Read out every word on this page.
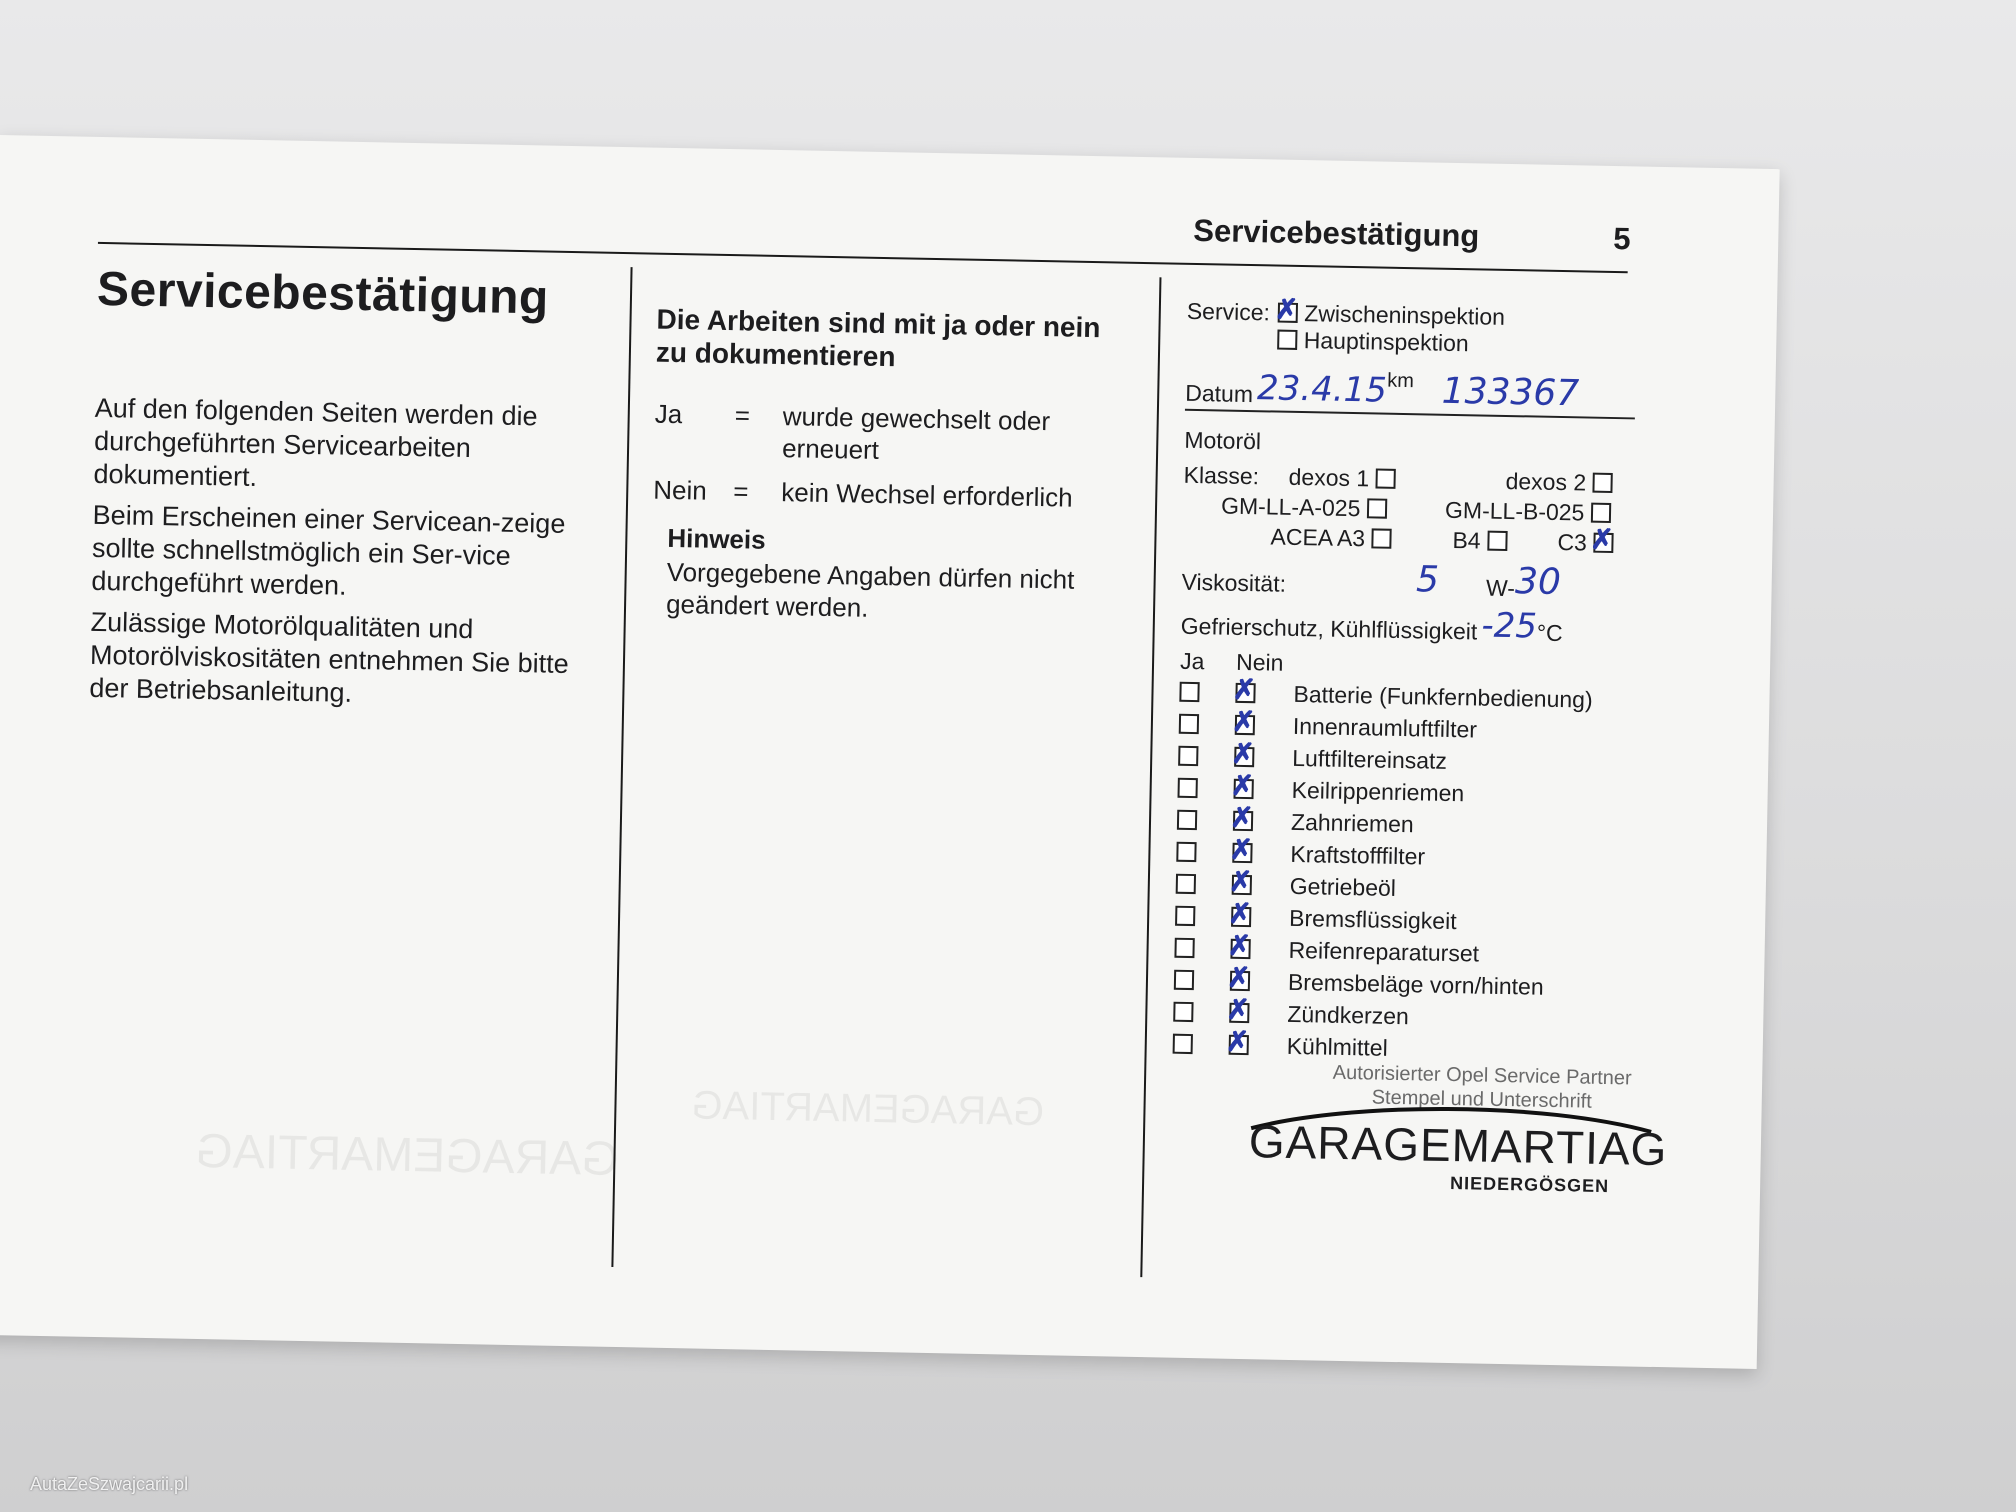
Servicebestätigung	5
Servicebestätigung

Auf den folgenden Seiten werden die durchgeführten Servicearbeiten dokumentiert.

Beim Erscheinen einer Servicean-zeige sollte schnellstmöglich ein Ser-vice durchgeführt werden.

Zulässige Motorölqualitäten und Motorölviskositäten entnehmen Sie bitte der Betriebsanleitung.

Die Arbeiten sind mit ja oder nein zu dokumentieren
Ja	=	wurde gewechselt oder erneuert
Nein =	kein Wechsel erforderlich
Hinweis
Vorgegebene Angaben dürfen nicht geändert werden.
Service:
✗	Zwischeninspektion
Hauptinspektion
Datum 23.4.15 km 133367
Motoröl
Klasse: dexos 1	dexos 2
GM-LL-A-025	GM-LL-B-025
ACEA A3	B4	C3 ✗
Viskosität:	5	W- 30
Gefrierschutz, Kühlflüssigkeit -25 °C
Ja	Nein
✗
Batterie (Funkfernbedienung)
✗
Innenraumluftfilter
✗
Luftfiltereinsatz
✗
Keilrippenriemen
✗
Zahnriemen
✗
Kraftstofffilter
✗
Getriebeöl
✗
Bremsflüssigkeit
✗
Reifenreparaturset
✗
Bremsbeläge vorn/hinten
✗
Zündkerzen
✗
Kühlmittel
Autorisierter Opel Service Partner
Stempel und Unterschrift
GARAGEMARTIAG
NIEDERGÖSGEN
GARAGEMARTIAG
GARAGEMARTIAG
AutaZeSzwajcarii.pl
